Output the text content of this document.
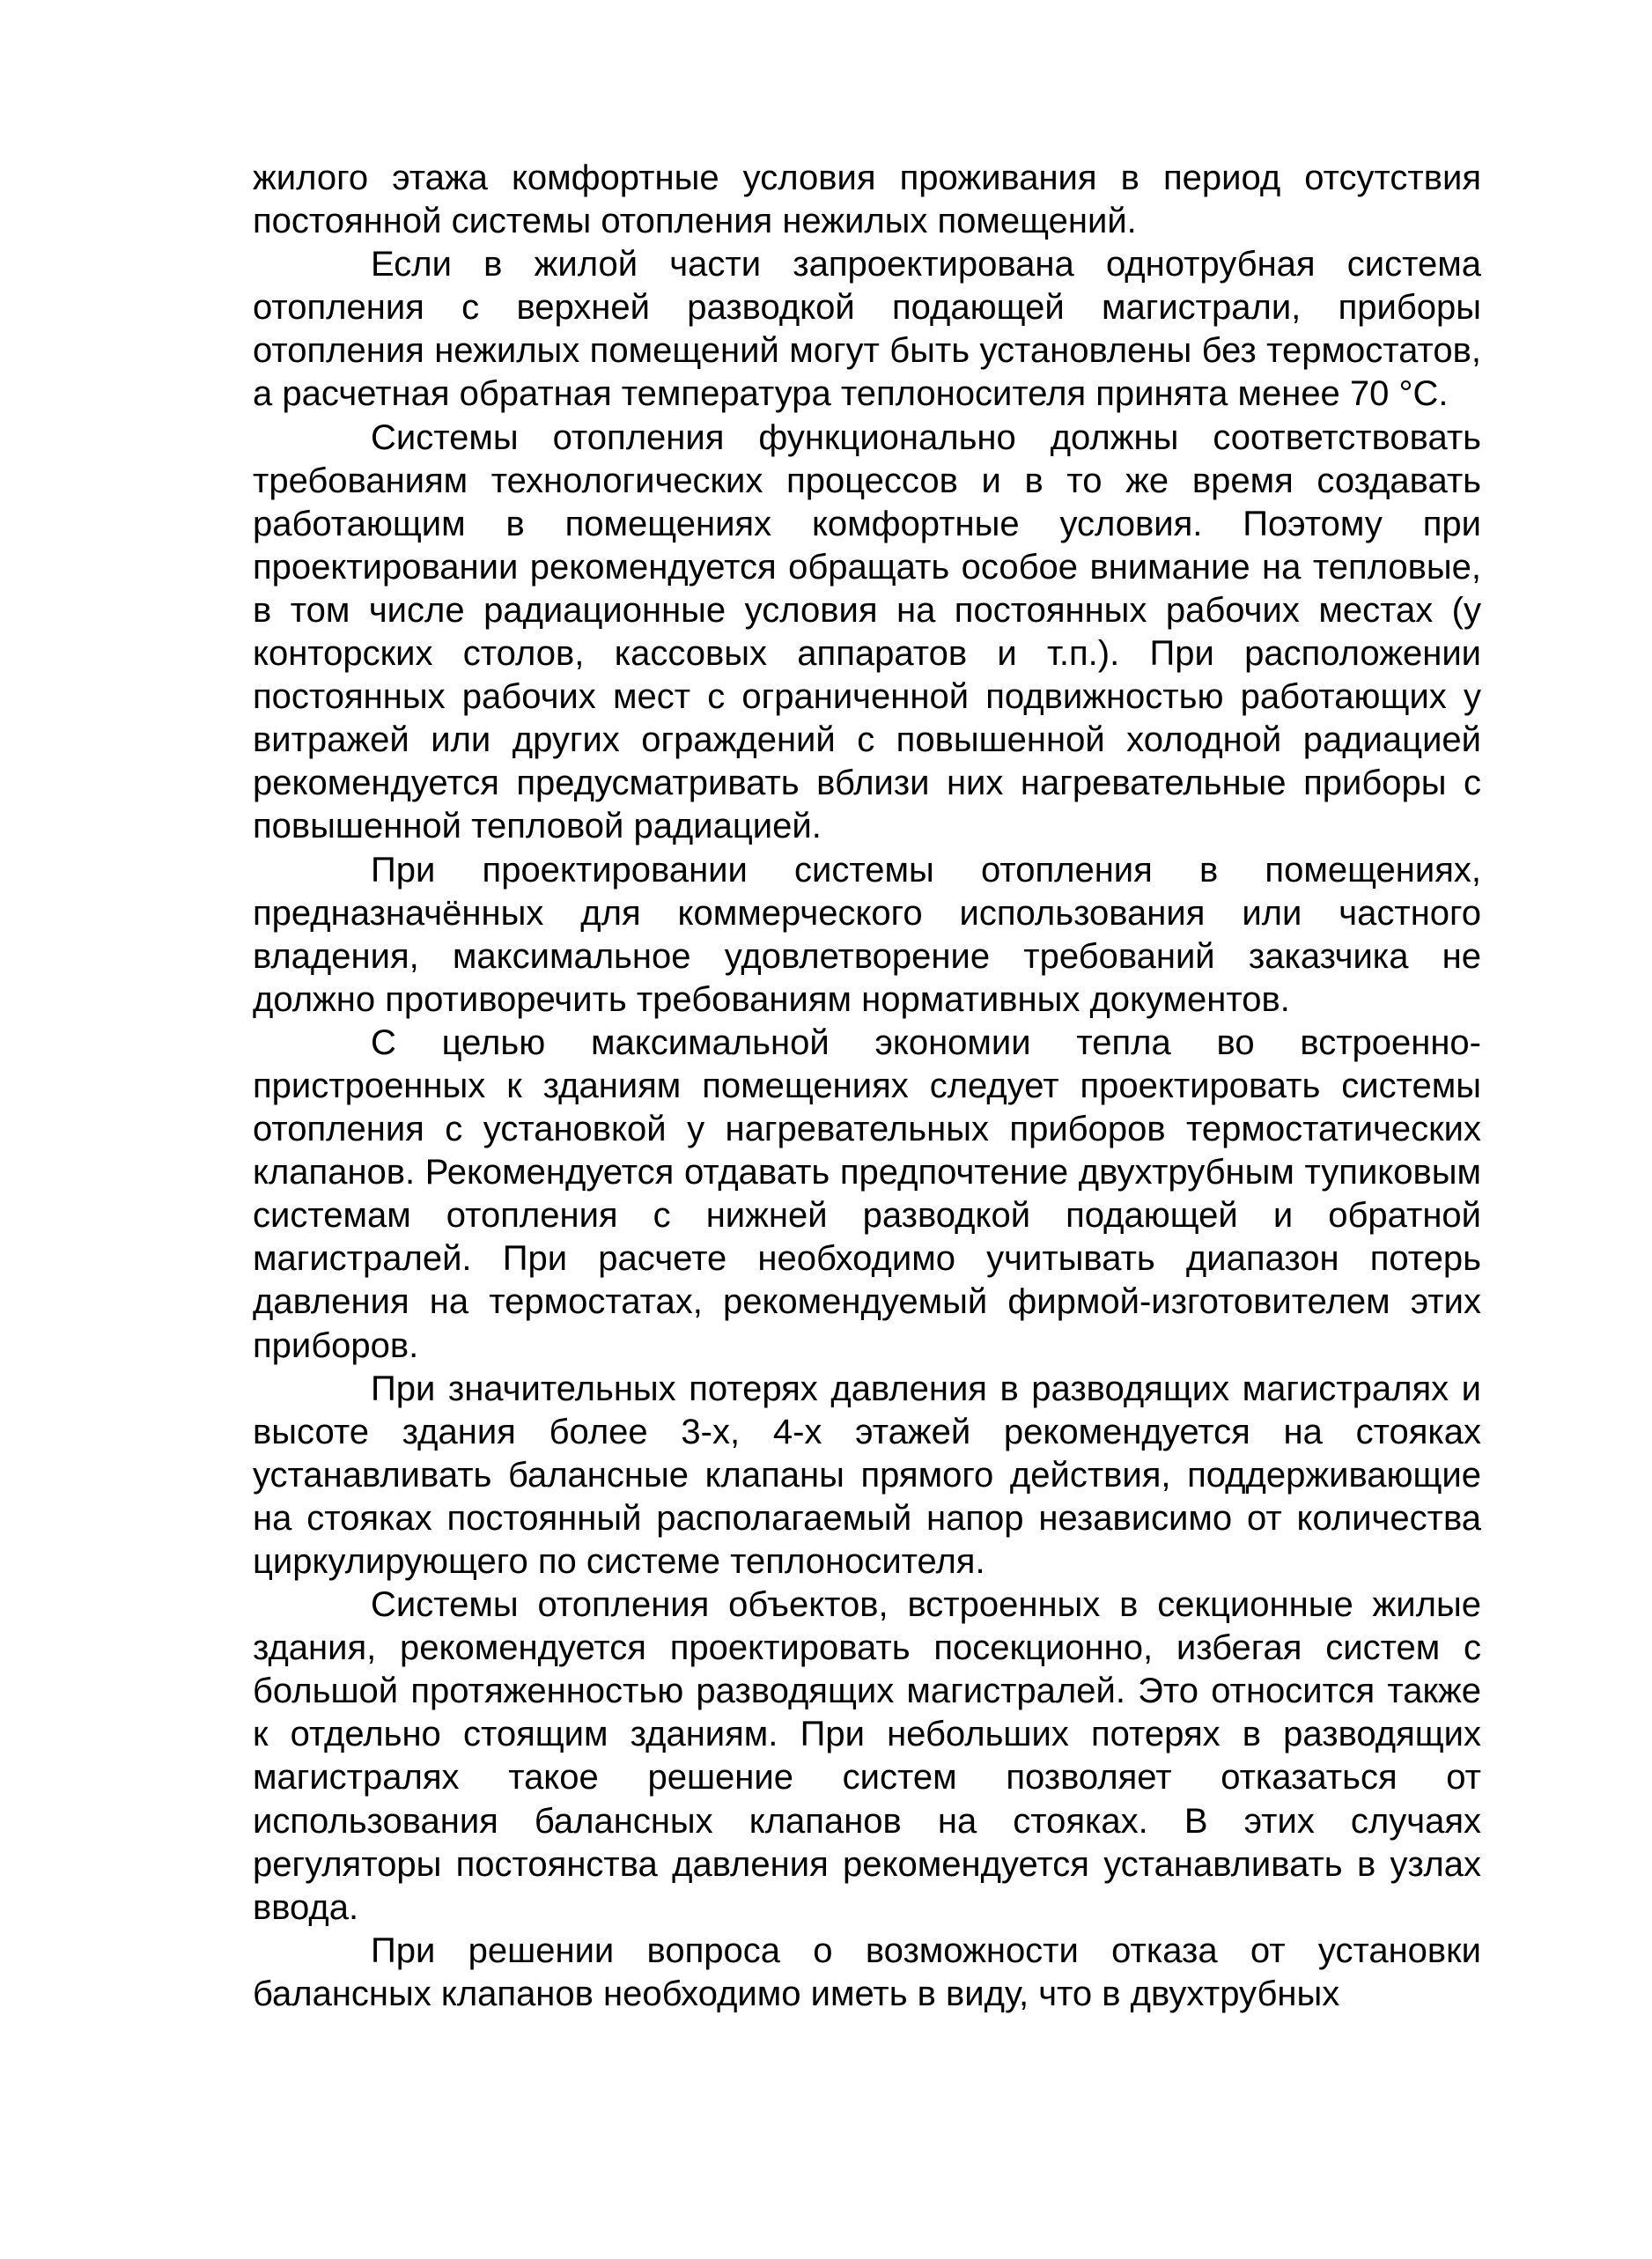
жилого этажа комфортные условия проживания в период отсутствия постоянной системы отопления нежилых помещений.

Если в жилой части запроектирована однотрубная система отопления с верхней разводкой подающей магистрали, приборы отопления нежилых помещений могут быть установлены без термостатов, а расчетная обратная температура теплоносителя принята менее 70 °С.

Системы отопления функционально должны соответствовать требованиям технологических процессов и в то же время создавать работающим в помещениях комфортные условия. Поэтому при проектировании рекомендуется обращать особое внимание на тепловые, в том числе радиационные условия на постоянных рабочих местах (у конторских столов, кассовых аппаратов и т.п.). При расположении постоянных рабочих мест с ограниченной подвижностью работающих у витражей или других ограждений с повышенной холодной радиацией рекомендуется предусматривать вблизи них нагревательные приборы с повышенной тепловой радиацией.

При проектировании системы отопления в помещениях, предназначённых для коммерческого использования или частного владения, максимальное удовлетворение требований заказчика не должно противоречить требованиям нормативных документов.

С целью максимальной экономии тепла во встроенно-пристроенных к зданиям помещениях следует проектировать системы отопления с установкой у нагревательных приборов термостатических клапанов. Рекомендуется отдавать предпочтение двухтрубным тупиковым системам отопления с нижней разводкой подающей и обратной магистралей. При расчете необходимо учитывать диапазон потерь давления на термостатах, рекомендуемый фирмой-изготовителем этих приборов.

При значительных потерях давления в разводящих магистралях и высоте здания более 3-х, 4-х этажей рекомендуется на стояках устанавливать балансные клапаны прямого действия, поддерживающие на стояках постоянный располагаемый напор независимо от количества циркулирующего по системе теплоносителя.

Системы отопления объектов, встроенных в секционные жилые здания, рекомендуется проектировать посекционно, избегая систем с большой протяженностью разводящих магистралей. Это относится также к отдельно стоящим зданиям. При небольших потерях в разводящих магистралях такое решение систем позволяет отказаться от использования балансных клапанов на стояках. В этих случаях регуляторы постоянства давления рекомендуется устанавливать в узлах ввода.

При решении вопроса о возможности отказа от установки балансных клапанов необходимо иметь в виду, что в двухтрубных
